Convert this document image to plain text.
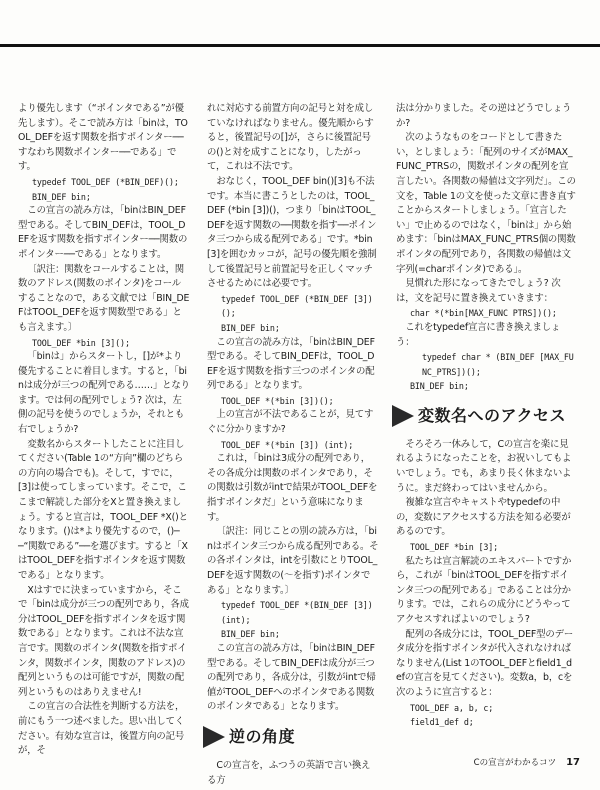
より優先します（“ポインタである”が優先します）。そこで読み方は「binは，TOOL_DEFを返す関数を指すポインター──すなわち関数ポインター──である」です。

typedef TOOL_DEF (*BIN_DEF)();

BIN_DEF bin;

この宣言の読み方は，「binはBIN_DEF型である。そしてBIN_DEFは，TOOL_DEFを返す関数を指すポインター──関数のポインター──である」となります。

〔訳注：関数をコールすることは，関数のアドレス(関数のポインタ)をコールすることなので，ある文献では「BIN_DEFはTOOL_DEFを返す関数型である」とも言えます。〕

TOOL_DEF *bin [3]();

「binは」からスタートし，[]が*より優先することに着目します。すると，「binは成分が三つの配列である……」となります。では何の配列でしょう? 次は，左側の記号を使うのでしょうか，それとも右でしょうか?

変数名からスタートしたことに注目してください(Table 1の“方向”欄のどちらの方向の場合でも)。そして，すでに，[3]は使ってしまっています。そこで，ここまで解読した部分をXと置き換えましょう。すると宣言は，TOOL_DEF *X()となります。()は*より優先するので，()──“関数である”──を選びます。すると「XはTOOL_DEFを指すポインタを返す関数である」となります。

Xはすでに決まっていますから，そこで「binは成分が三つの配列であり，各成分はTOOL_DEFを指すポインタを返す関数である」となります。これは不法な宣言です。関数のポインタ(関数を指すポインタ，関数ポインタ，関数のアドレス)の配列というものは可能ですが，関数の配列というものはありえません!

この宣言の合法性を判断する方法を，前にもう一つ述べました。思い出してください。有効な宣言は，後置方向の記号が，そ

れに対応する前置方向の記号と対を成していなければなりません。優先順からすると，後置記号の[]が，さらに後置記号の()と対を成すことになり，したがって，これは不法です。

おなじく，TOOL_DEF bin()[3]も不法です。本当に書こうとしたのは，TOOL_DEF (*bin [3])()，つまり「binはTOOL_DEFを返す関数の──関数を指す──ポインタ三つから成る配列である」です。*bin[3]を囲むカッコが，記号の優先順を強制して後置記号と前置記号を正しくマッチさせるためには必要です。

typedef TOOL_DEF (*BIN_DEF [3])();

BIN_DEF bin;

この宣言の読み方は，「binはBIN_DEF型である。そしてBIN_DEFは，TOOL_DEFを返す関数を指す三つのポインタの配列である」となります。

TOOL_DEF *(*bin [3])();

上の宣言が不法であることが，見てすぐに分かりますか?

TOOL_DEF *(*bin [3]) (int);

これは，「binは3成分の配列であり，その各成分は関数のポインタであり，その関数は引数がintで結果がTOOL_DEFを指すポインタだ」という意味になります。

〔訳注：同じことの別の読み方は，「binはポインタ三つから成る配列である。その各ポインタは，intを引数にとりTOOL_DEFを返す関数の(～を指す)ポインタである」となります。〕

typedef TOOL_DEF *(BIN_DEF [3]) (int);

BIN_DEF bin;

この宣言の読み方は，「binはBIN_DEF型である。そしてBIN_DEFは成分が三つの配列であり，各成分は，引数がintで帰値がTOOL_DEFへのポインタである関数のポインタである」となります。

逆の角度

Cの宣言を，ふつうの英語で言い換える方

法は分かりました。その逆はどうでしょうか?

次のようなものをコードとして書きたい，としましょう：「配列のサイズがMAX_FUNC_PTRSの，関数ポインタの配列を宣言したい。各関数の帰値は文字列だ」。この文を，Table 1の文を使った文章に書き直すことからスタートしましょう。「宣言したい」で止めるのではなく，「binは」から始めます：「binはMAX_FUNC_PTRS個の関数ポインタの配列であり，各関数の帰値は文字列(=charポインタ)である」。

見慣れた形になってきたでしょう? 次は，文を記号に置き換えていきます：

char *(*bin[MAX_FUNC PTRS])();

これをtypedef宣言に書き換えましょう：

typedef char * (BIN_DEF [MAX_FUNC_PTRS])();

BIN_DEF bin;

変数名へのアクセス

そろそろ一休みして，Cの宣言を楽に見れるようになったことを，お祝いしてもよいでしょう。でも，あまり長く休まないように。まだ終わってはいませんから。

複雑な宣言やキャストやtypedefの中の，変数にアクセスする方法を知る必要があるのです。

TOOL_DEF *bin [3];

私たちは宣言解読のエキスパートですから，これが「binはTOOL_DEFを指すポインタ三つの配列である」であることは分かります。では，これらの成分にどうやってアクセスすればよいのでしょう?

配列の各成分には，TOOL_DEF型のデータ成分を指すポインタが代入されなければなりません(List 1のTOOL_DEFとfield1_defの宣言を見てください)。変数a，b，cを次のように宣言すると：

TOOL_DEF a, b, c;

field1_def d;

Cの宣言がわかるコツ 17
